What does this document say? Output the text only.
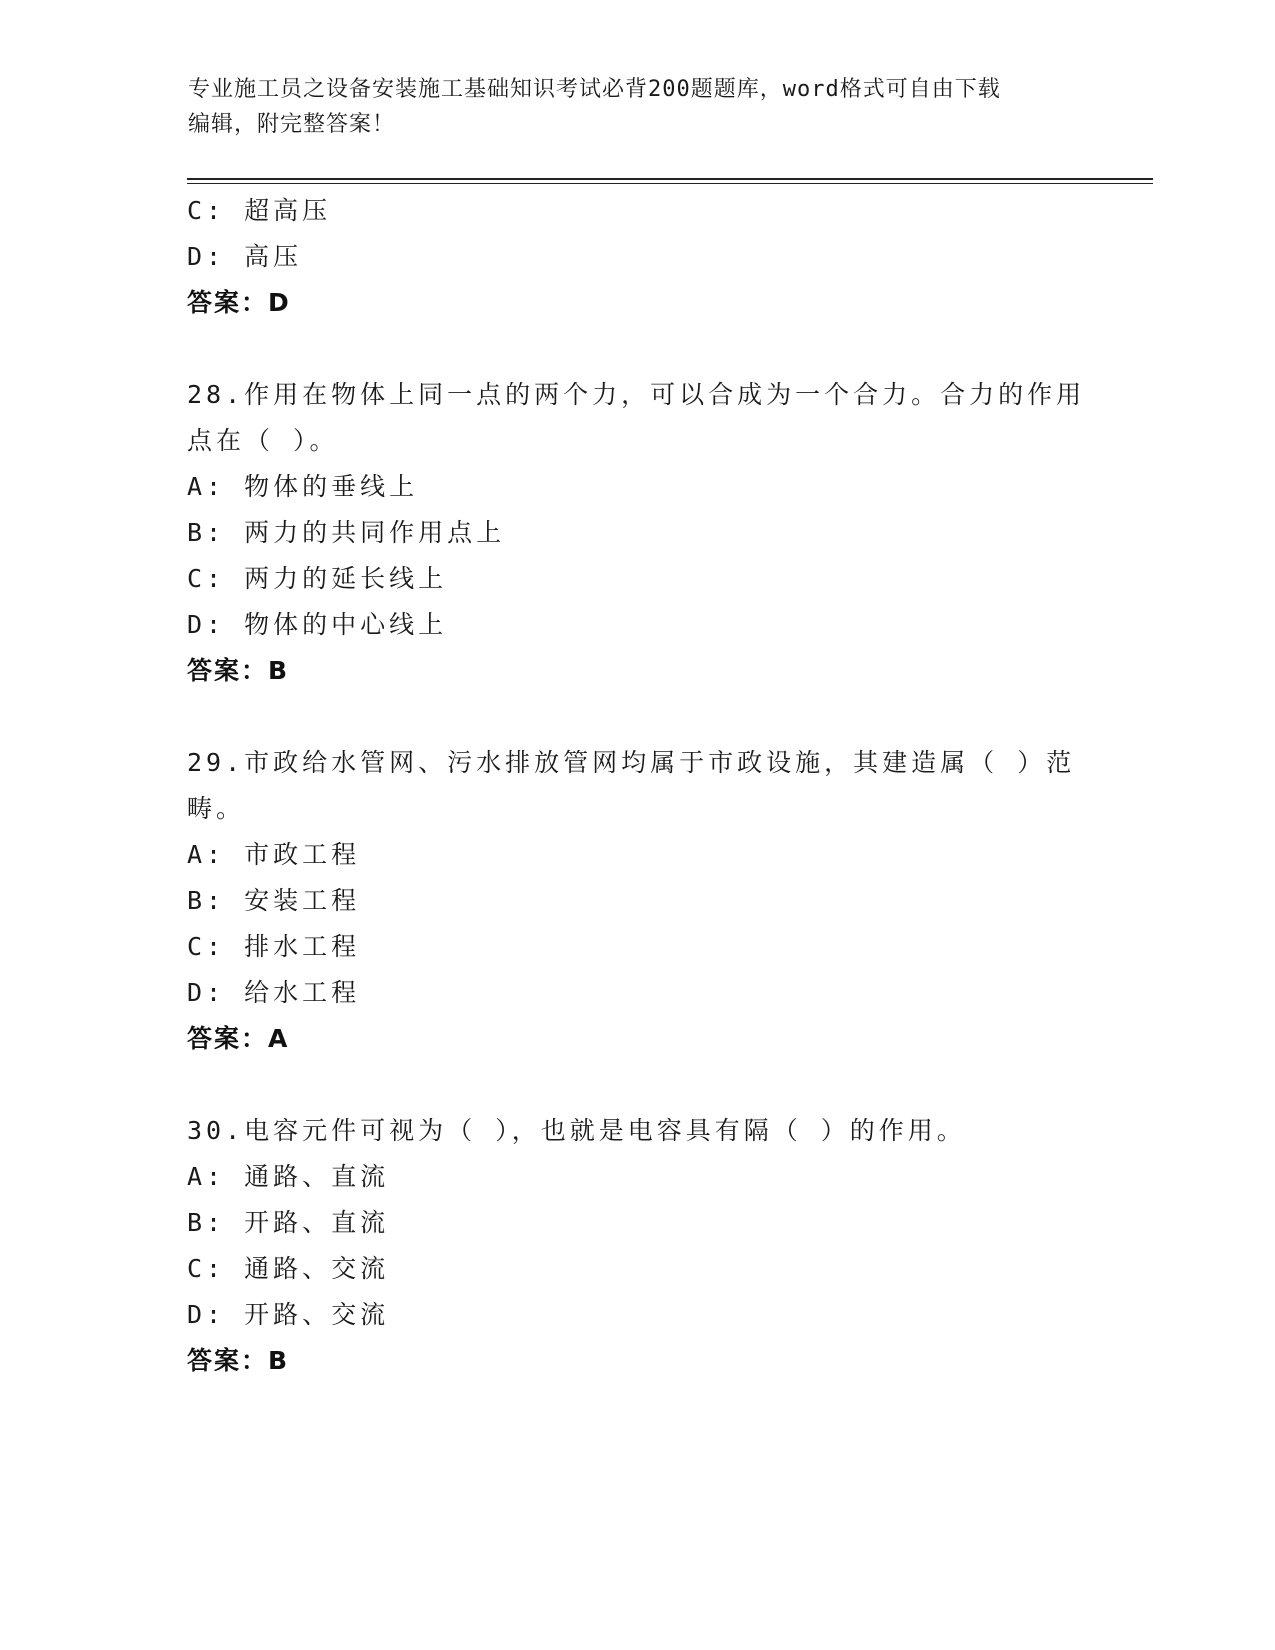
专业施工员之设备安装施工基础知识考试必背200题题库，word格式可自由下载
编辑，附完整答案！
C: 超高压
D: 高压
答案：D
28.作用在物体上同一点的两个力，可以合成为一个合力。合力的作用
点在（ ）。
A: 物体的垂线上
B: 两力的共同作用点上
C: 两力的延长线上
D: 物体的中心线上
答案：B
29.市政给水管网、污水排放管网均属于市政设施，其建造属（ ）范
畴。
A: 市政工程
B: 安装工程
C: 排水工程
D: 给水工程
答案：A
30.电容元件可视为（ ），也就是电容具有隔（ ）的作用。
A: 通路、直流
B: 开路、直流
C: 通路、交流
D: 开路、交流
答案：B
